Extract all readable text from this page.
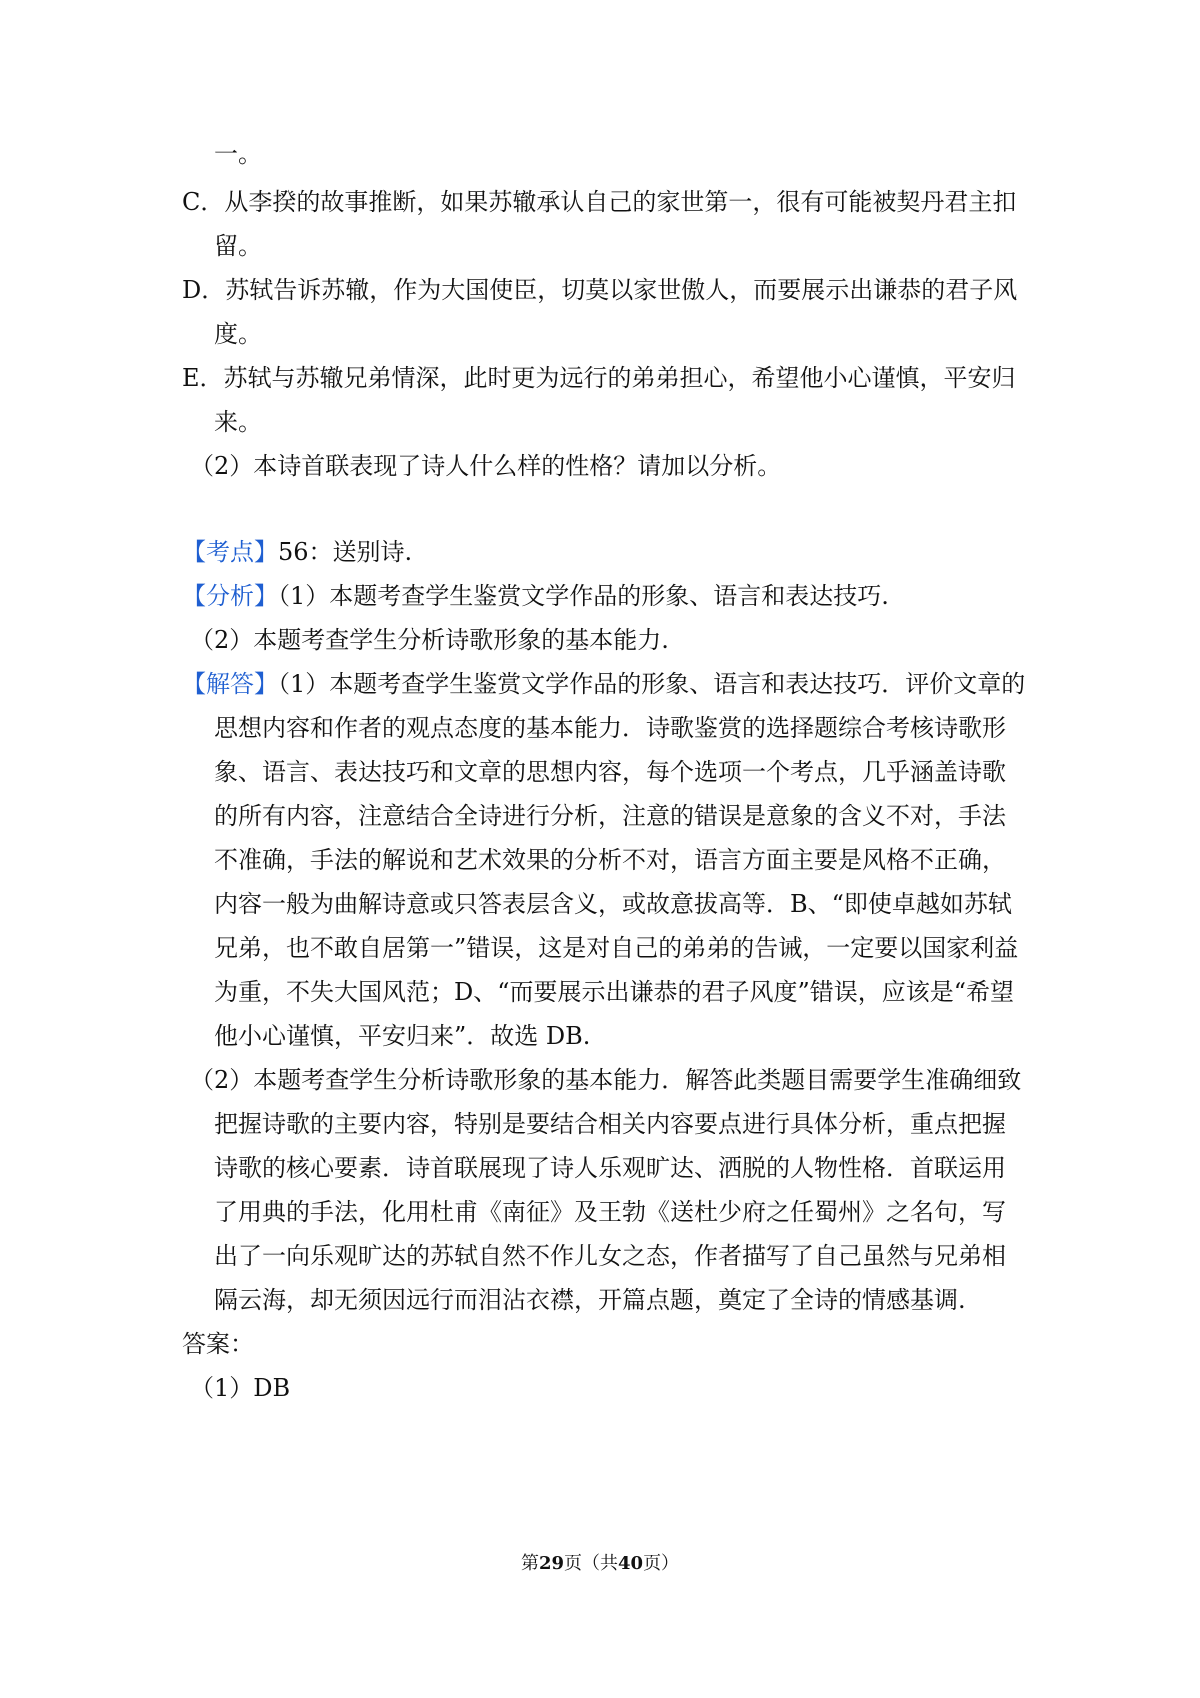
一。
C．从李揆的故事推断，如果苏辙承认自己的家世第一，很有可能被契丹君主扣
留。
D．苏轼告诉苏辙，作为大国使臣，切莫以家世傲人，而要展示出谦恭的君子风
度。
E．苏轼与苏辙兄弟情深，此时更为远行的弟弟担心，希望他小心谨慎，平安归
来。
（2）本诗首联表现了诗人什么样的性格？请加以分析。
【考点】56：送别诗.
【分析】（1）本题考查学生鉴赏文学作品的形象、语言和表达技巧.
（2）本题考查学生分析诗歌形象的基本能力.
【解答】（1）本题考查学生鉴赏文学作品的形象、语言和表达技巧．评价文章的
思想内容和作者的观点态度的基本能力．诗歌鉴赏的选择题综合考核诗歌形
象、语言、表达技巧和文章的思想内容，每个选项一个考点，几乎涵盖诗歌
的所有内容，注意结合全诗进行分析，注意的错误是意象的含义不对，手法
不准确，手法的解说和艺术效果的分析不对，语言方面主要是风格不正确，
内容一般为曲解诗意或只答表层含义，或故意拔高等．B、“即使卓越如苏轼
兄弟，也不敢自居第一”错误，这是对自己的弟弟的告诫，一定要以国家利益
为重，不失大国风范；D、“而要展示出谦恭的君子风度”错误，应该是“希望
他小心谨慎，平安归来”．故选 DB.
（2）本题考查学生分析诗歌形象的基本能力．解答此类题目需要学生准确细致
把握诗歌的主要内容，特别是要结合相关内容要点进行具体分析，重点把握
诗歌的核心要素．诗首联展现了诗人乐观旷达、洒脱的人物性格．首联运用
了用典的手法，化用杜甫《南征》及王勃《送杜少府之任蜀州》之名句，写
出了一向乐观旷达的苏轼自然不作儿女之态，作者描写了自己虽然与兄弟相
隔云海，却无须因远行而泪沾衣襟，开篇点题，奠定了全诗的情感基调.
答案：
（1）DB
第29页（共40页）
